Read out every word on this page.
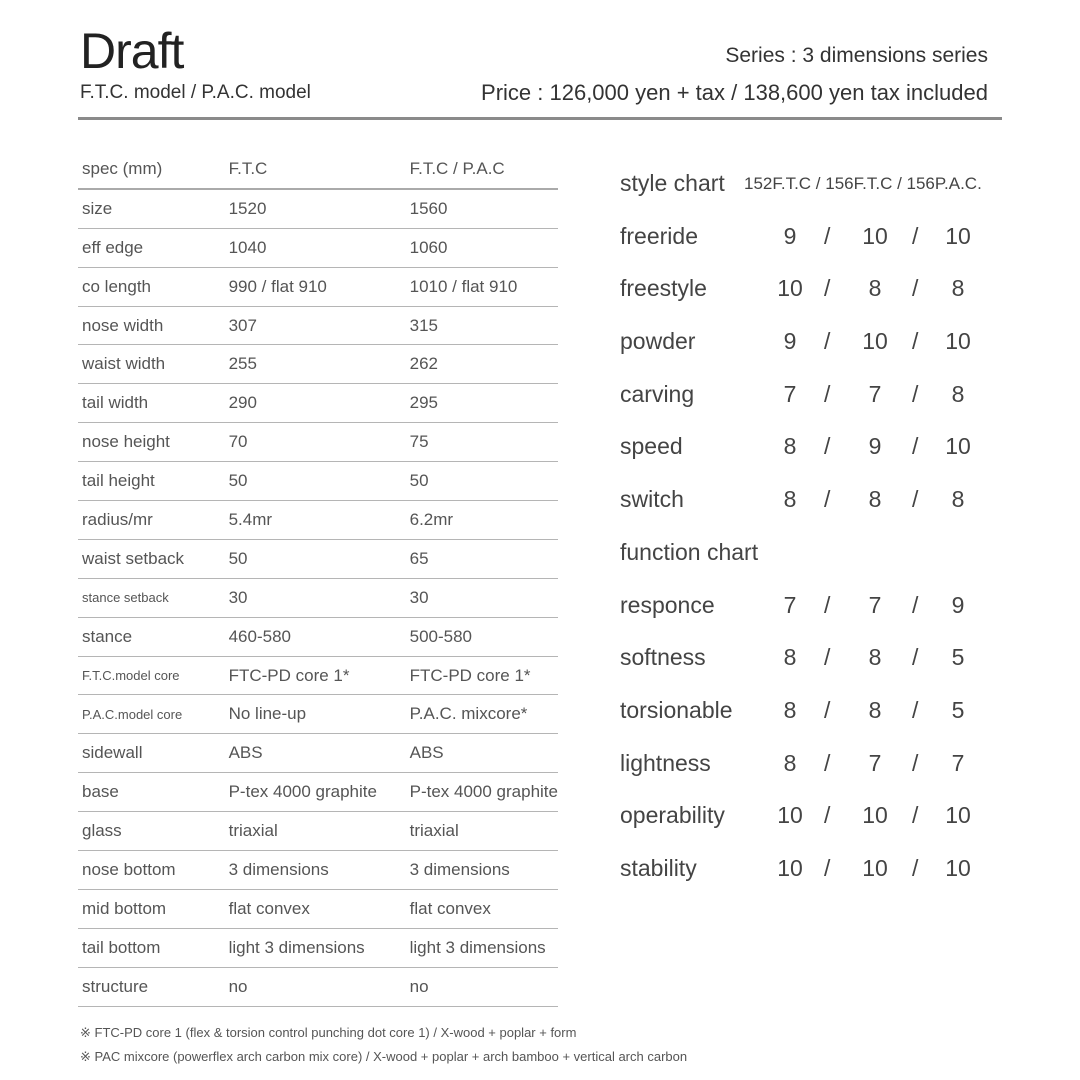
Draft
F.T.C. model / P.A.C. model
Series : 3 dimensions series
Price : 126,000 yen + tax / 138,600 yen tax included
spec (mm)	F.T.C	F.T.C / P.A.C
size	1520	1560
eff edge	1040	1060
co length	990 / flat 910	1010 / flat 910
nose width	307	315
waist width	255	262
tail width	290	295
nose height	70	75
tail height	50	50
radius/mr	5.4mr	6.2mr
waist setback	50	65
stance setback	30	30
stance	460-580	500-580
F.T.C.model core	FTC-PD core 1*	FTC-PD core 1*
P.A.C.model core	No line-up	P.A.C. mixcore*
sidewall	ABS	ABS
base	P-tex 4000 graphite	P-tex 4000 graphite
glass	triaxial	triaxial
nose bottom	3 dimensions	3 dimensions
mid bottom	flat convex	flat convex
tail bottom	light 3 dimensions	light 3 dimensions
structure	no	no
style chart 152F.T.C / 156F.T.C / 156P.A.C.
freeride	9	/	10	/	10
freestyle	10 /	8	/	8
powder	9	/	10	/	10
carving	7	/	7	/	8
speed	8	/	9	/	10
switch	8	/	8	/	8
function chart
responce	7	/	7	/	9
softness	8	/	8	/	5
torsionable	8	/	8	/	5
lightness	8	/	7	/	7
operability	10 /	10	/	10
stability	10 /	10	/	10
※ FTC-PD core 1 (flex & torsion control punching dot core 1) / X-wood + poplar + form
※ PAC mixcore (powerflex arch carbon mix core) / X-wood + poplar + arch bamboo + vertical arch carbon
